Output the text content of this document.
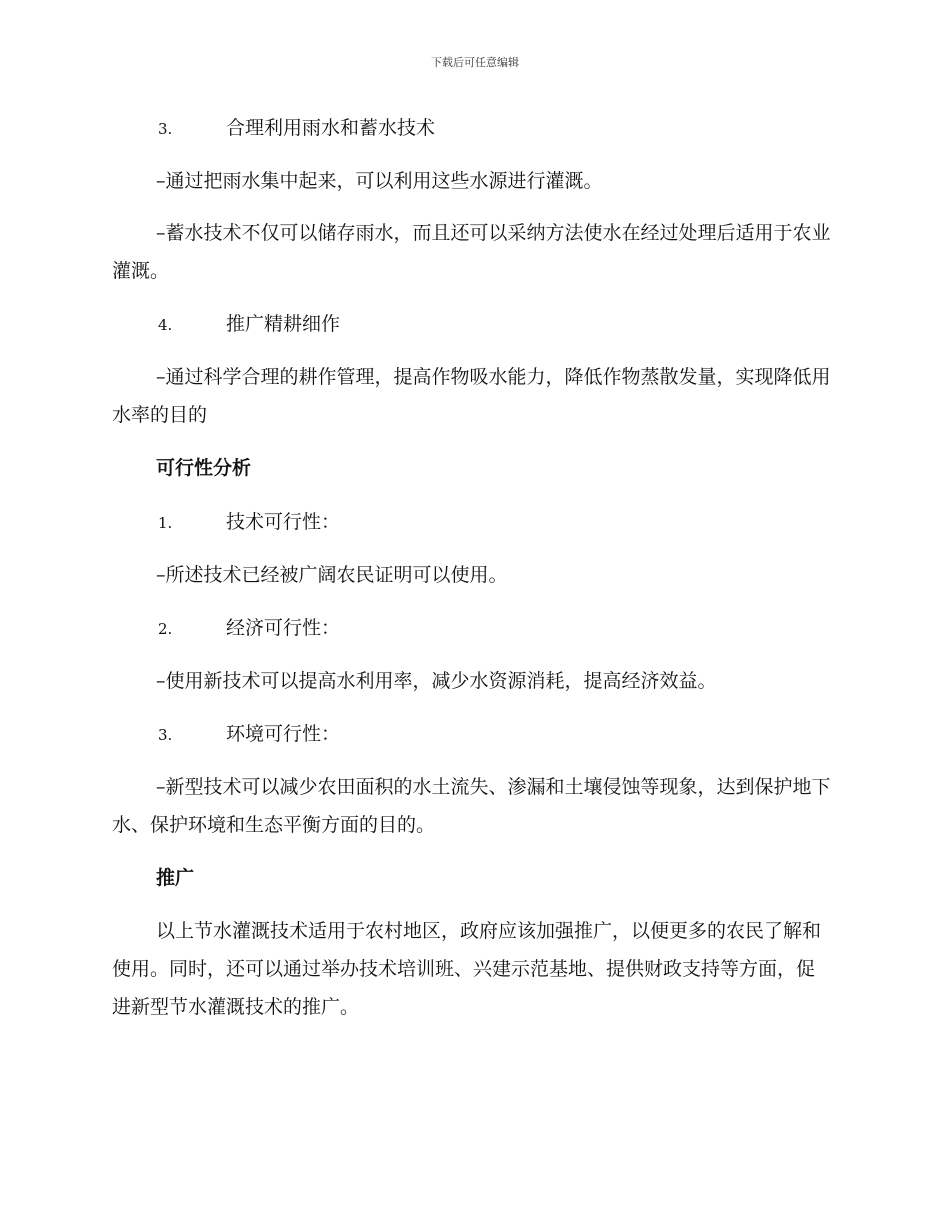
下载后可任意编辑
3.	合理利用雨水和蓄水技术

–通过把雨水集中起来，可以利用这些水源进行灌溉。

–蓄水技术不仅可以储存雨水，而且还可以采纳方法使水在经过处理后适用于农业灌溉。

4.	推广精耕细作

–通过科学合理的耕作管理，提高作物吸水能力，降低作物蒸散发量，实现降低用水率的目的

可行性分析
1.	技术可行性：

–所述技术已经被广阔农民证明可以使用。

2.	经济可行性：

–使用新技术可以提高水利用率，减少水资源消耗，提高经济效益。

3.	环境可行性：

–新型技术可以减少农田面积的水土流失、渗漏和土壤侵蚀等现象，达到保护地下水、保护环境和生态平衡方面的目的。

推广

以上节水灌溉技术适用于农村地区，政府应该加强推广，以便更多的农民了解和使用。同时，还可以通过举办技术培训班、兴建示范基地、提供财政支持等方面，促进新型节水灌溉技术的推广。
